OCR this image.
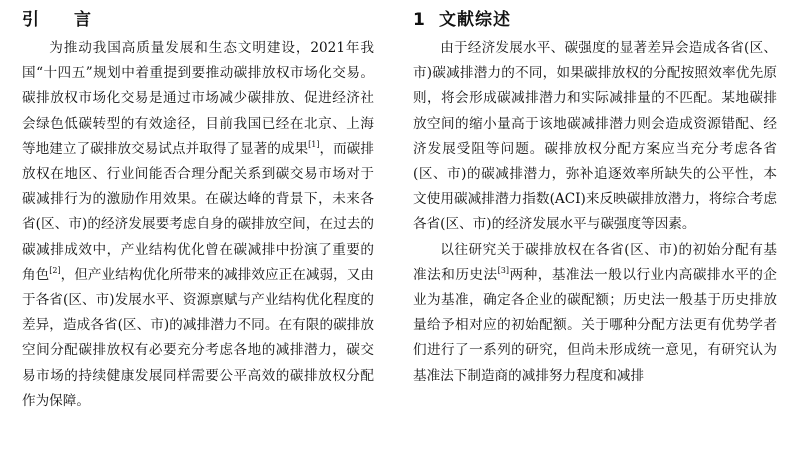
引 言

为推动我国高质量发展和生态文明建设，2021年我国“十四五”规划中着重提到要推动碳排放权市场化交易。碳排放权市场化交易是通过市场减少碳排放、促进经济社会绿色低碳转型的有效途径，目前我国已经在北京、上海等地建立了碳排放交易试点并取得了显著的成果[1]，而碳排放权在地区、行业间能否合理分配关系到碳交易市场对于碳减排行为的激励作用效果。在碳达峰的背景下，未来各省(区、市)的经济发展要考虑自身的碳排放空间，在过去的碳减排成效中，产业结构优化曾在碳减排中扮演了重要的角色[2]，但产业结构优化所带来的减排效应正在减弱，又由于各省(区、市)发展水平、资源禀赋与产业结构优化程度的差异，造成各省(区、市)的减排潜力不同。在有限的碳排放空间分配碳排放权有必要充分考虑各地的减排潜力，碳交易市场的持续健康发展同样需要公平高效的碳排放权分配作为保障。

1 文献综述

由于经济发展水平、碳强度的显著差异会造成各省(区、市)碳减排潜力的不同，如果碳排放权的分配按照效率优先原则，将会形成碳减排潜力和实际减排量的不匹配。某地碳排放空间的缩小量高于该地碳减排潜力则会造成资源错配、经济发展受阻等问题。碳排放权分配方案应当充分考虑各省(区、市)的碳减排潜力，弥补追逐效率所缺失的公平性，本文使用碳减排潜力指数(ACI)来反映碳排放潜力，将综合考虑各省(区、市)的经济发展水平与碳强度等因素。

以往研究关于碳排放权在各省(区、市)的初始分配有基准法和历史法[3]两种，基准法一般以行业内高碳排水平的企业为基准，确定各企业的碳配额；历史法一般基于历史排放量给予相对应的初始配额。关于哪种分配方法更有优势学者们进行了一系列的研究，但尚未形成统一意见，有研究认为基准法下制造商的减排努力程度和减排
